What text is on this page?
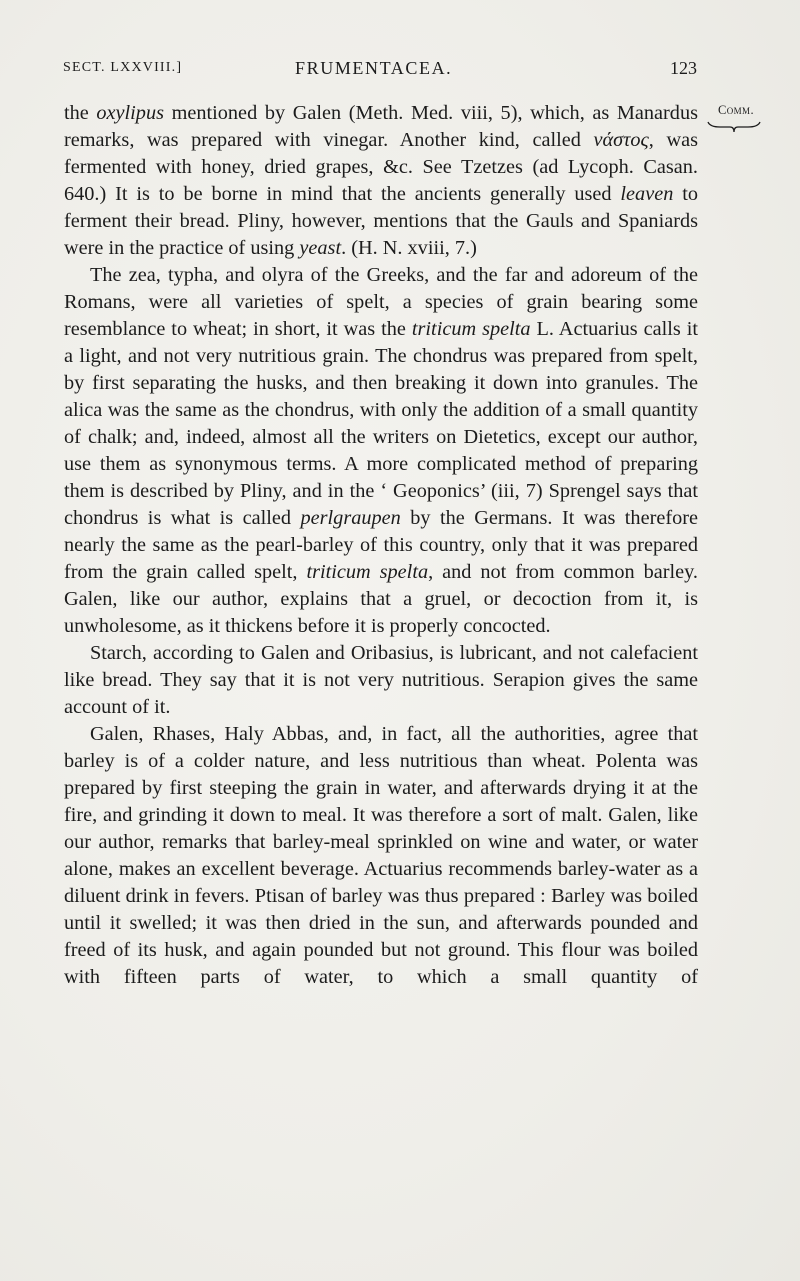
SECT. LXXVIII.]	FRUMENTACEA.	123
Comm.

the oxylipus mentioned by Galen (Meth. Med. viii, 5), which, as Manardus remarks, was prepared with vinegar. Another kind, called νάστος, was fermented with honey, dried grapes, &c. See Tzetzes (ad Lycoph. Casan. 640.) It is to be borne in mind that the ancients generally used leaven to ferment their bread. Pliny, however, mentions that the Gauls and Spaniards were in the practice of using yeast. (H. N. xviii, 7.)

The zea, typha, and olyra of the Greeks, and the far and adoreum of the Romans, were all varieties of spelt, a species of grain bearing some resemblance to wheat; in short, it was the triticum spelta L. Actuarius calls it a light, and not very nutritious grain. The chondrus was prepared from spelt, by first separating the husks, and then breaking it down into granules. The alica was the same as the chondrus, with only the addition of a small quantity of chalk; and, indeed, almost all the writers on Dietetics, except our author, use them as synonymous terms. A more complicated method of preparing them is described by Pliny, and in the ‘ Geoponics’ (iii, 7) Sprengel says that chondrus is what is called perlgraupen by the Germans. It was therefore nearly the same as the pearl-barley of this country, only that it was prepared from the grain called spelt, triticum spelta, and not from common barley. Galen, like our author, explains that a gruel, or decoction from it, is unwholesome, as it thickens before it is properly concocted.

Starch, according to Galen and Oribasius, is lubricant, and not calefacient like bread. They say that it is not very nutritious. Serapion gives the same account of it.

Galen, Rhases, Haly Abbas, and, in fact, all the authorities, agree that barley is of a colder nature, and less nutritious than wheat. Polenta was prepared by first steeping the grain in water, and afterwards drying it at the fire, and grinding it down to meal. It was therefore a sort of malt. Galen, like our author, remarks that barley-meal sprinkled on wine and water, or water alone, makes an excellent beverage. Actuarius recommends barley-water as a diluent drink in fevers. Ptisan of barley was thus prepared : Barley was boiled until it swelled; it was then dried in the sun, and afterwards pounded and freed of its husk, and again pounded but not ground. This flour was boiled with fifteen parts of water, to which a small quantity of
